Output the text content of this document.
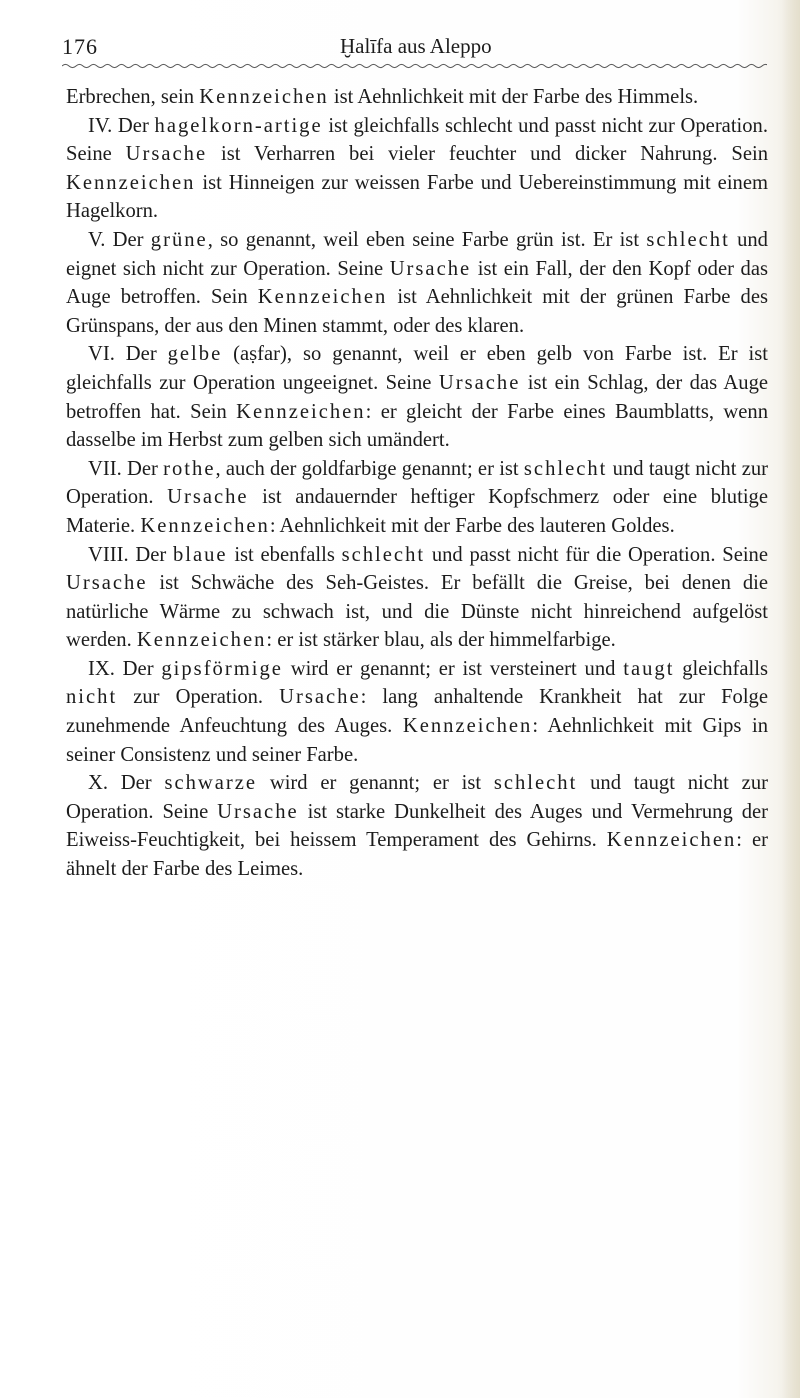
176	Ḫalīfa aus Aleppo

Erbrechen, sein Kennzeichen ist Aehnlichkeit mit der Farbe des Himmels.

IV. Der hagelkorn-artige ist gleichfalls schlecht und passt nicht zur Operation. Seine Ursache ist Verharren bei vieler feuchter und dicker Nahrung. Sein Kennzeichen ist Hinneigen zur weissen Farbe und Uebereinstimmung mit einem Hagelkorn.

V. Der grüne, so genannt, weil eben seine Farbe grün ist. Er ist schlecht und eignet sich nicht zur Operation. Seine Ursache ist ein Fall, der den Kopf oder das Auge betroffen. Sein Kennzeichen ist Aehnlichkeit mit der grünen Farbe des Grünspans, der aus den Minen stammt, oder des klaren.

VI. Der gelbe (aṣfar), so genannt, weil er eben gelb von Farbe ist. Er ist gleichfalls zur Operation ungeeignet. Seine Ursache ist ein Schlag, der das Auge betroffen hat. Sein Kennzeichen: er gleicht der Farbe eines Baumblatts, wenn dasselbe im Herbst zum gelben sich umändert.

VII. Der rothe, auch der goldfarbige genannt; er ist schlecht und taugt nicht zur Operation. Ursache ist andauernder heftiger Kopfschmerz oder eine blutige Materie. Kennzeichen: Aehnlichkeit mit der Farbe des lauteren Goldes.

VIII. Der blaue ist ebenfalls schlecht und passt nicht für die Operation. Seine Ursache ist Schwäche des Seh-Geistes. Er befällt die Greise, bei denen die natürliche Wärme zu schwach ist, und die Dünste nicht hinreichend aufgelöst werden. Kennzeichen: er ist stärker blau, als der himmelfarbige.

IX. Der gipsförmige wird er genannt; er ist versteinert und taugt gleichfalls nicht zur Operation. Ursache: lang anhaltende Krankheit hat zur Folge zunehmende Anfeuchtung des Auges. Kennzeichen: Aehnlichkeit mit Gips in seiner Consistenz und seiner Farbe.

X. Der schwarze wird er genannt; er ist schlecht und taugt nicht zur Operation. Seine Ursache ist starke Dunkelheit des Auges und Vermehrung der Eiweiss-Feuchtigkeit, bei heissem Temperament des Gehirns. Kennzeichen: er ähnelt der Farbe des Leimes.
